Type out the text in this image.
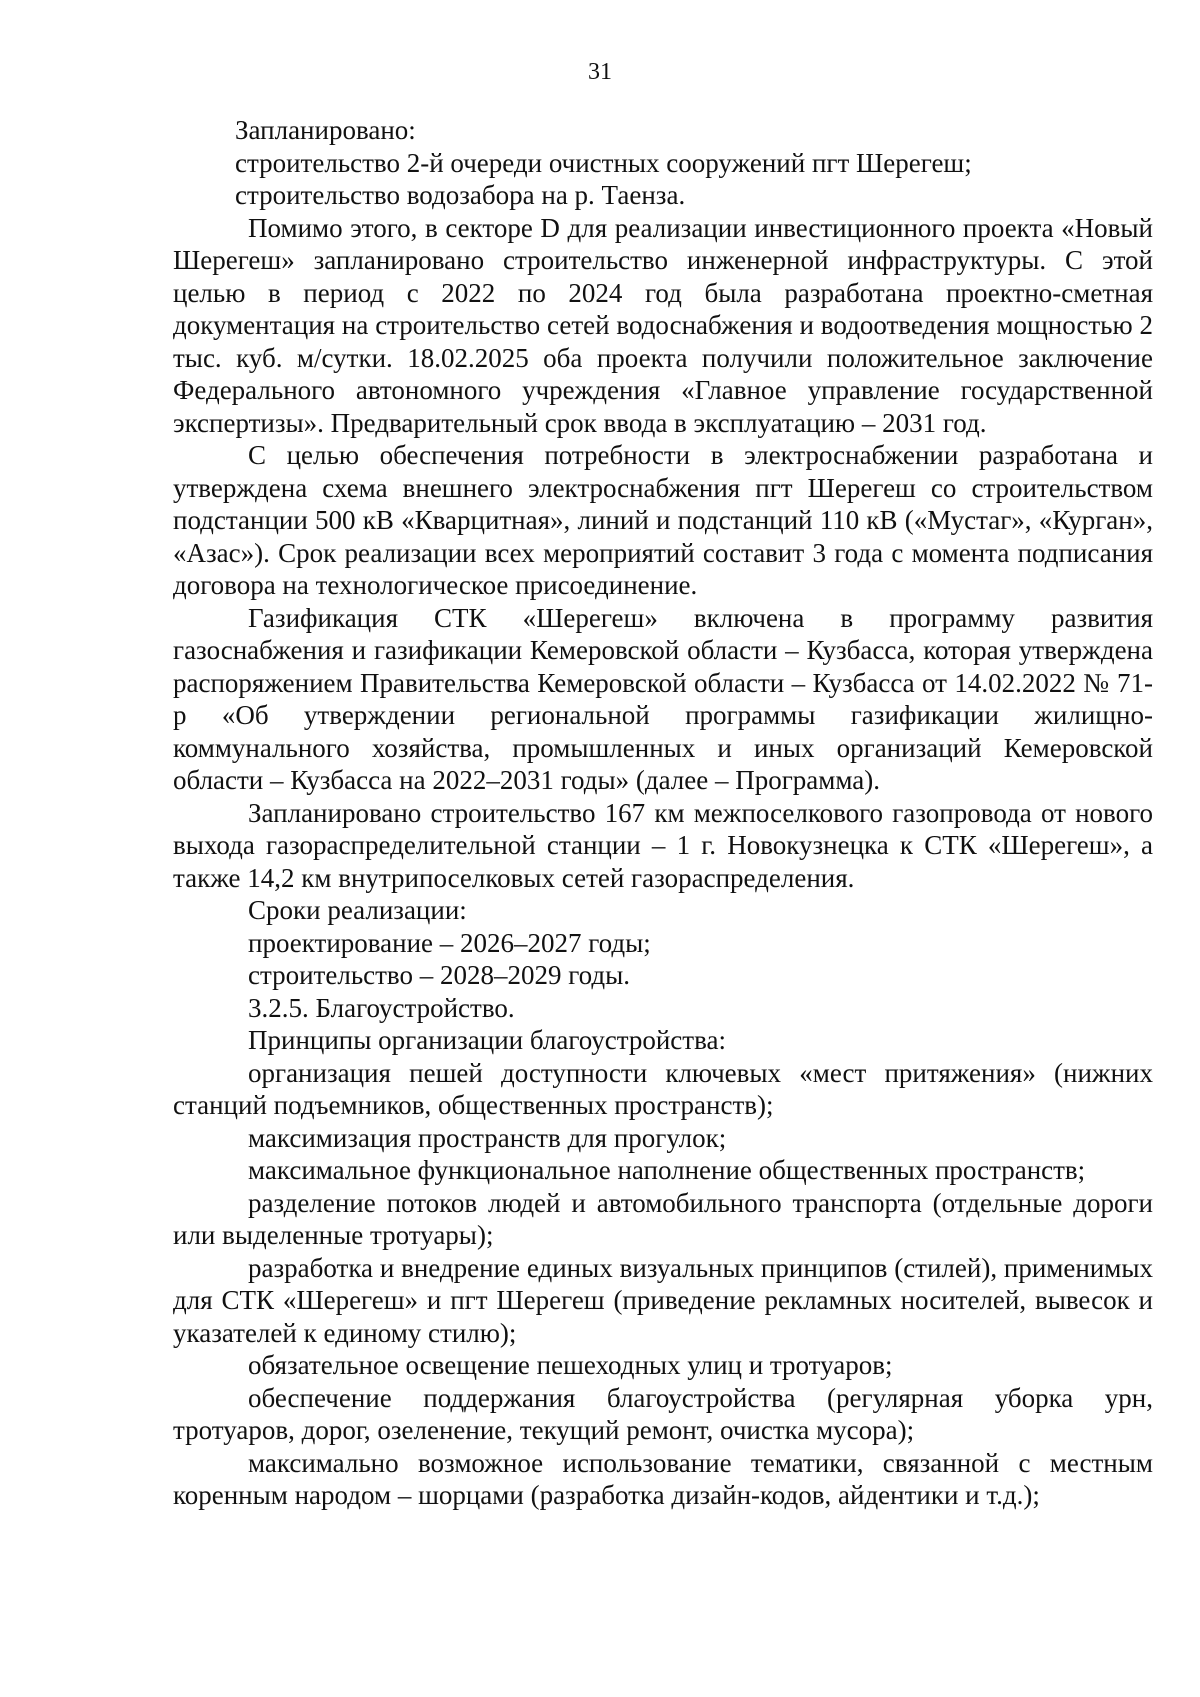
31

Запланировано:

строительство 2-й очереди очистных сооружений пгт Шерегеш;

строительство водозабора на р. Таенза.

Помимо этого, в секторе D для реализации инвестиционного проекта «Новый Шерегеш» запланировано строительство инженерной инфраструктуры. С этой целью в период с 2022 по 2024 год была разработана проектно-сметная документация на строительство сетей водоснабжения и водоотведения мощностью 2 тыс. куб. м/сутки. 18.02.2025 оба проекта получили положительное заключение Федерального автономного учреждения «Главное управление государственной экспертизы». Предварительный срок ввода в эксплуатацию – 2031 год.

С целью обеспечения потребности в электроснабжении разработана и утверждена схема внешнего электроснабжения пгт Шерегеш со строительством подстанции 500 кВ «Кварцитная», линий и подстанций 110 кВ («Мустаг», «Курган», «Азас»). Срок реализации всех мероприятий составит 3 года с момента подписания договора на технологическое присоединение.

Газификация СТК «Шерегеш» включена в программу развития газоснабжения и газификации Кемеровской области – Кузбасса, которая утверждена распоряжением Правительства Кемеровской области – Кузбасса от 14.02.2022 № 71-р «Об утверждении региональной программы газификации жилищно-коммунального хозяйства, промышленных и иных организаций Кемеровской области – Кузбасса на 2022–2031 годы» (далее – Программа).

Запланировано строительство 167 км межпоселкового газопровода от нового выхода газораспределительной станции – 1 г. Новокузнецка к СТК «Шерегеш», а также 14,2 км внутрипоселковых сетей газораспределения.

Сроки реализации:

проектирование – 2026–2027 годы;

строительство – 2028–2029 годы.

3.2.5. Благоустройство.

Принципы организации благоустройства:

организация пешей доступности ключевых «мест притяжения» (нижних станций подъемников, общественных пространств);

максимизация пространств для прогулок;

максимальное функциональное наполнение общественных пространств;

разделение потоков людей и автомобильного транспорта (отдельные дороги или выделенные тротуары);

разработка и внедрение единых визуальных принципов (стилей), применимых для СТК «Шерегеш» и пгт Шерегеш (приведение рекламных носителей, вывесок и указателей к единому стилю);

обязательное освещение пешеходных улиц и тротуаров;

обеспечение поддержания благоустройства (регулярная уборка урн, тротуаров, дорог, озеленение, текущий ремонт, очистка мусора);

максимально возможное использование тематики, связанной с местным коренным народом – шорцами (разработка дизайн-кодов, айдентики и т.д.);
